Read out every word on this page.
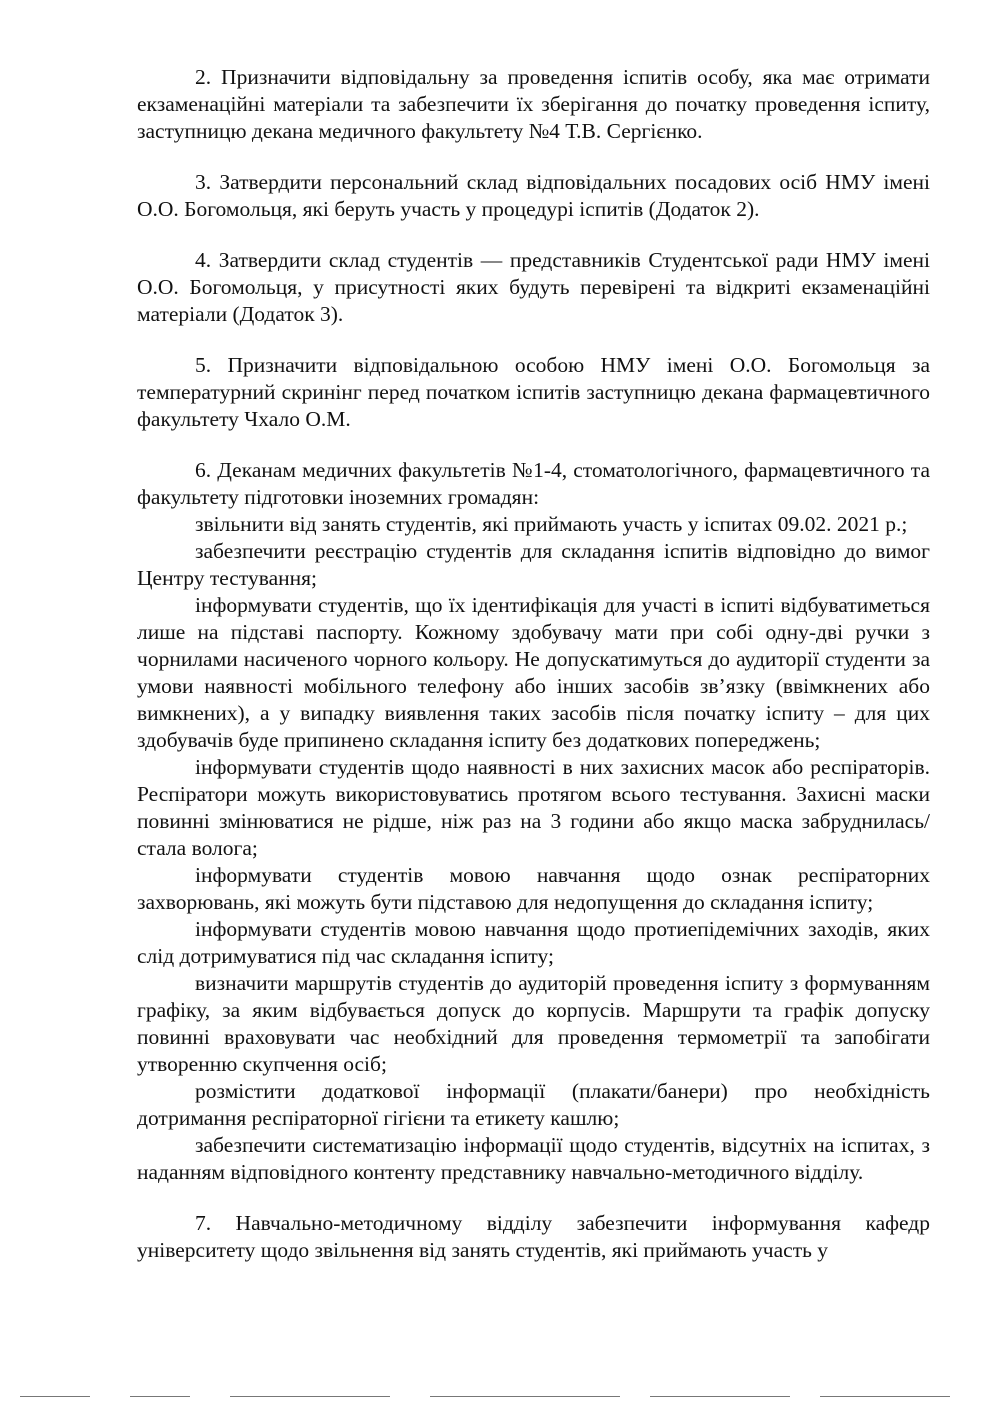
2. Призначити відповідальну за проведення іспитів особу, яка має отримати екзаменаційні матеріали та забезпечити їх зберігання до початку проведення іспиту, заступницю декана медичного факультету №4 Т.В. Сергієнко.

3. Затвердити персональний склад відповідальних посадових осіб НМУ імені О.О. Богомольця, які беруть участь у процедурі іспитів (Додаток 2).

4. Затвердити склад студентів — представників Студентської ради НМУ імені О.О. Богомольця, у присутності яких будуть перевірені та відкриті екзаменаційні матеріали (Додаток 3).

5. Призначити відповідальною особою НМУ імені О.О. Богомольця за температурний скринінг перед початком іспитів заступницю декана фармацевтичного факультету Чхало О.М.

6. Деканам медичних факультетів №1-4, стоматологічного, фармацевтичного та факультету підготовки іноземних громадян:

звільнити від занять студентів, які приймають участь у іспитах 09.02. 2021 р.;

забезпечити реєстрацію студентів для складання іспитів відповідно до вимог Центру тестування;

інформувати студентів, що їх ідентифікація для участі в іспиті відбуватиметься лише на підставі паспорту. Кожному здобувачу мати при собі одну-дві ручки з чорнилами насиченого чорного кольору. Не допускатимуться до аудиторії студенти за умови наявності мобільного телефону або інших засобів зв’язку (ввімкнених або вимкнених), а у випадку виявлення таких засобів після початку іспиту – для цих здобувачів буде припинено складання іспиту без додаткових попереджень;

інформувати студентів щодо наявності в них захисних масок або респіраторів. Респіратори можуть використовуватись протягом всього тестування. Захисні маски повинні змінюватися не рідше, ніж раз на 3 години або якщо маска забруднилась/стала волога;

інформувати студентів мовою навчання щодо ознак респіраторних захворювань, які можуть бути підставою для недопущення до складання іспиту;

інформувати студентів мовою навчання щодо протиепідемічних заходів, яких слід дотримуватися під час складання іспиту;

визначити маршрутів студентів до аудиторій проведення іспиту з формуванням графіку, за яким відбувається допуск до корпусів. Маршрути та графік допуску повинні враховувати час необхідний для проведення термометрії та запобігати утворенню скупчення осіб;

розмістити додаткової інформації (плакати/банери) про необхідність дотримання респіраторної гігієни та етикету кашлю;

забезпечити систематизацію інформації щодо студентів, відсутніх на іспитах, з наданням відповідного контенту представнику навчально-методичного відділу.

7. Навчально-методичному відділу забезпечити інформування кафедр університету щодо звільнення від занять студентів, які приймають участь у
